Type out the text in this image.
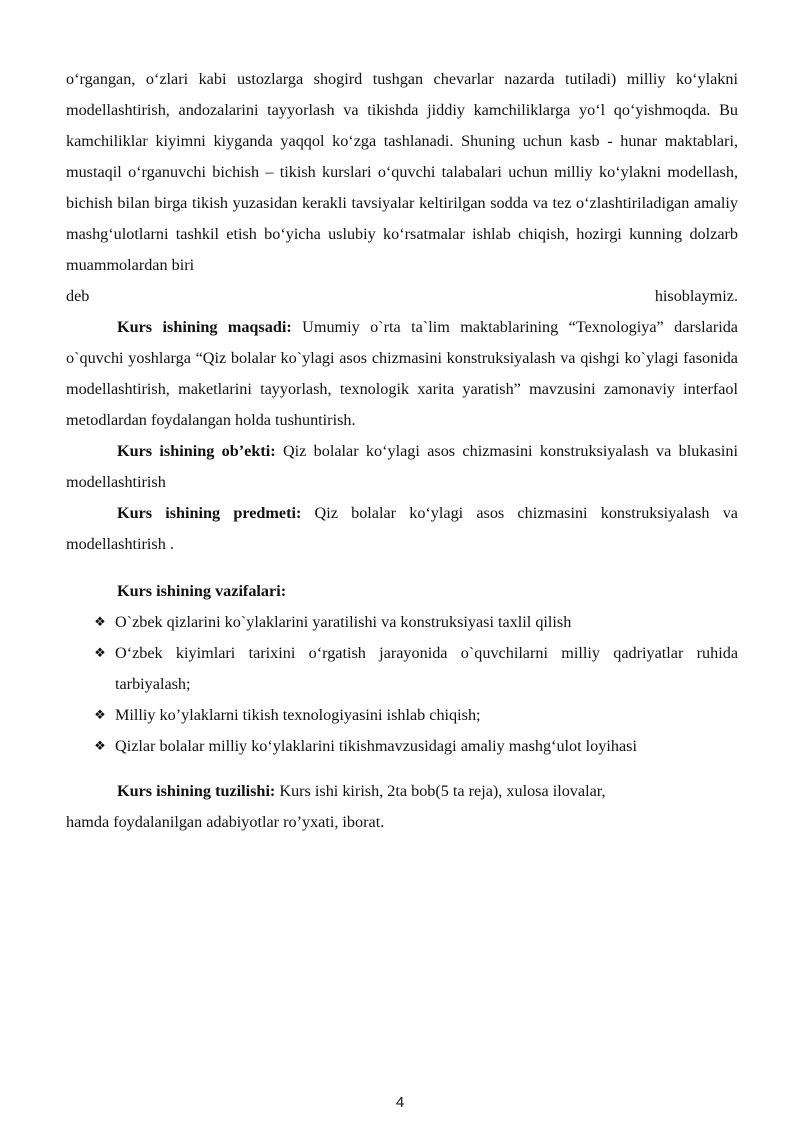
o‘rgangan, o‘zlari kabi ustozlarga shogird tushgan chevarlar nazarda tutiladi) milliy ko‘ylakni modellashtirish, andozalarini tayyorlash va tikishda jiddiy kamchiliklarga yo‘l qo‘yishmoqda. Bu kamchiliklar kiyimni kiyganda yaqqol ko‘zga tashlanadi. Shuning uchun kasb - hunar maktablari, mustaqil o‘rganuvchi bichish – tikish kurslari o‘quvchi talabalari uchun milliy ko‘ylakni modellash, bichish bilan birga tikish yuzasidan kerakli tavsiyalar keltirilgan sodda va tez o‘zlashtiriladigan amaliy mashg‘ulotlarni tashkil etish bo‘yicha uslubiy ko‘rsatmalar ishlab chiqish, hozirgi kunning dolzarb muammolardan biri

deb hisoblaymiz.

Kurs ishining maqsadi: Umumiy o`rta ta`lim maktablarining “Texnologiya” darslarida o`quvchi yoshlarga “Qiz bolalar ko`ylagi asos chizmasini konstruksiyalash va qishgi ko`ylagi fasonida modellashtirish, maketlarini tayyorlash, texnologik xarita yaratish” mavzusini zamonaviy interfaol metodlardan foydalangan holda tushuntirish.

Kurs ishining ob’ekti: Qiz bolalar ko‘ylagi asos chizmasini konstruksiyalash va blukasini modellashtirish

Kurs ishining predmeti: Qiz bolalar ko‘ylagi asos chizmasini konstruksiyalash va modellashtirish .

Kurs ishining vazifalari:

❖ O`zbek qizlarini ko`ylaklarini yaratilishi va konstruksiyasi taxlil qilish
❖ O‘zbek kiyimlari tarixini o‘rgatish jarayonida o`quvchilarni milliy qadriyatlar ruhida tarbiyalash;
❖ Milliy ko’ylaklarni tikish texnologiyasini ishlab chiqish;
❖ Qizlar bolalar milliy ko‘ylaklarini tikishmavzusidagi amaliy mashg‘ulot loyihasi

Kurs ishining tuzilishi: Kurs ishi kirish, 2ta bob(5 ta reja), xulosa ilovalar,

hamda foydalanilgan adabiyotlar ro’yxati, iborat.

4
